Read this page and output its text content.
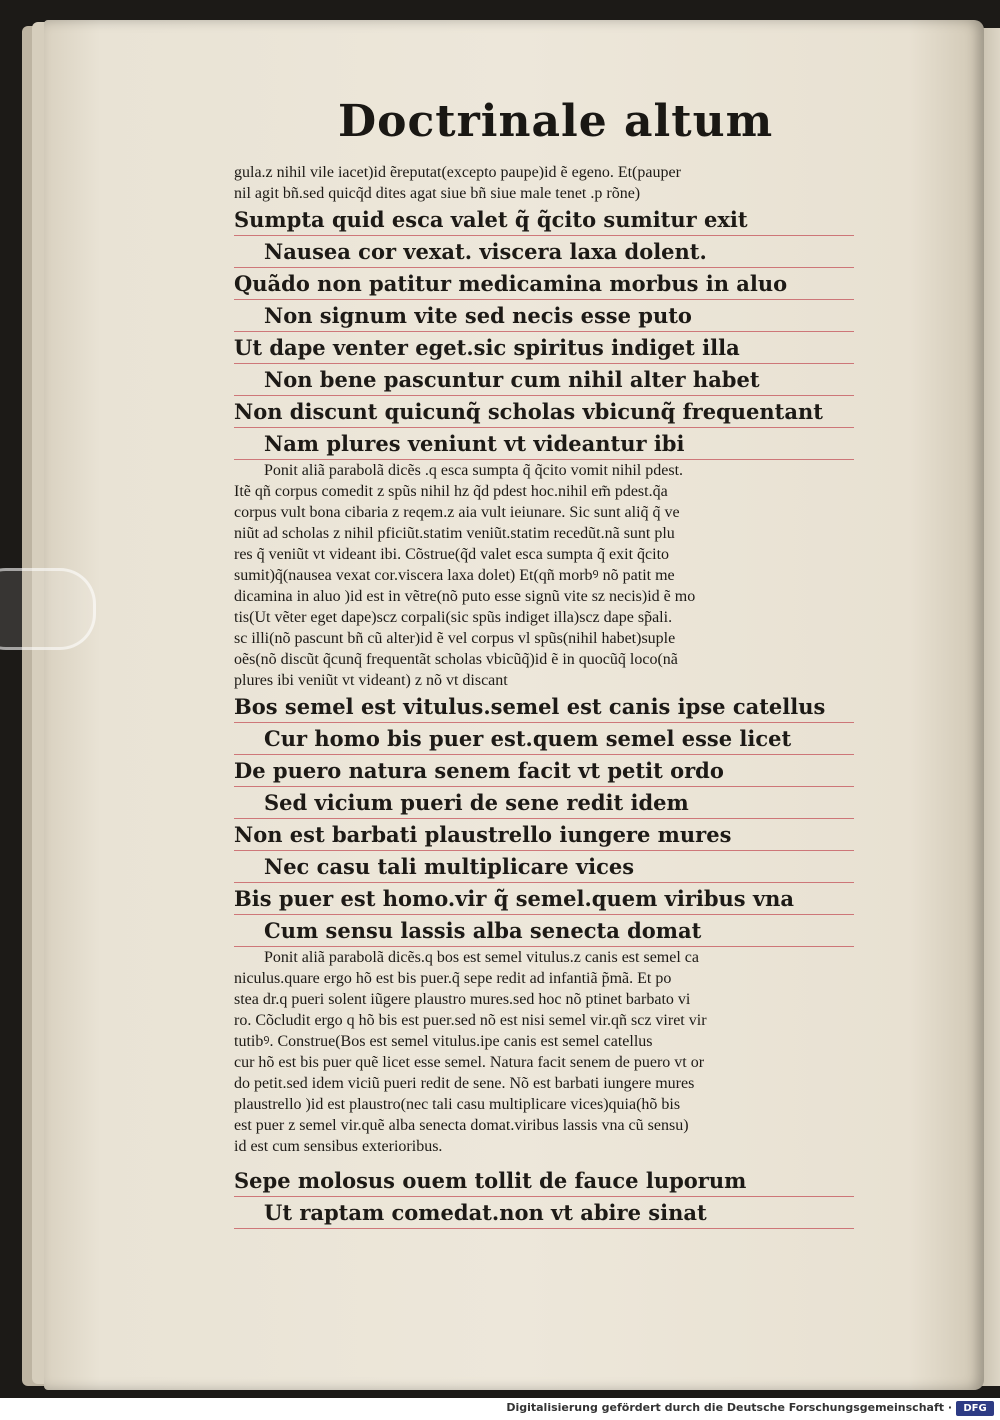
Doctrinale altum
gula.z nihil vile iacet)id ẽreputat(excepto paupe)id ẽ egeno. Et(pauper
nil agit bñ.sed quicq̃d dites agat siue bñ siue male tenet .p rõne)
Sumpta quid esca valet q̃ q̃cito sumitur exit
Nausea cor vexat. viscera laxa dolent.
Quãdo non patitur medicamina morbus in aluo
Non signum vite sed necis esse puto
Ut dape venter eget.sic spiritus indiget illa
Non bene pascuntur cum nihil alter habet
Non discunt quicunq̃ scholas vbicunq̃ frequentant
Nam plures veniunt vt videantur ibi
Ponit aliã parabolã dicẽs .q esca sumpta q̃ q̃cito vomit nihil pdest.
Itẽ qñ corpus comedit z spũs nihil hz q̃d pdest hoc.nihil em̃ pdest.q̃a
corpus vult bona cibaria z reqem.z aia vult ieiunare. Sic sunt aliq̃ q̃ ve
niũt ad scholas z nihil pficiũt.statim veniũt.statim recedũt.nã sunt plu
res q̃ veniũt vt videant ibi. Cõstrue(q̃d valet esca sumpta q̃ exit q̃cito
sumit)q̃(nausea vexat cor.viscera laxa dolet) Et(qñ morbꝰ nõ patit me
dicamina in aluo )id est in vẽtre(nõ puto esse signũ vite sz necis)id ẽ mo
tis(Ut vẽter eget dape)scz corpali(sic spũs indiget illa)scz dape sp̃ali.
sc illi(nõ pascunt bñ cũ alter)id ẽ vel corpus vl spũs(nihil habet)suple
oẽs(nõ discũt q̃cunq̃ frequentãt scholas vbicũq̃)id ẽ in quocũq̃ loco(nã
plures ibi veniũt vt videant) z nõ vt discant
Bos semel est vitulus.semel est canis ipse catellus
Cur homo bis puer est.quem semel esse licet
De puero natura senem facit vt petit ordo
Sed vicium pueri de sene redit idem
Non est barbati plaustrello iungere mures
Nec casu tali multiplicare vices
Bis puer est homo.vir q̃ semel.quem viribus vna
Cum sensu lassis alba senecta domat
Ponit aliã parabolã dicẽs.q bos est semel vitulus.z canis est semel ca
niculus.quare ergo hõ est bis puer.q̃ sepe redit ad infantiã p̃mã. Et po
stea dr.q pueri solent iũgere plaustro mures.sed hoc nõ ptinet barbato vi
ro. Cõcludit ergo q hõ bis est puer.sed nõ est nisi semel vir.qñ scz viret vir
tutibꝰ. Construe(Bos est semel vitulus.ipe canis est semel catellus
cur hõ est bis puer quẽ licet esse semel. Natura facit senem de puero vt or
do petit.sed idem viciũ pueri redit de sene. Nõ est barbati iungere mures
plaustrello )id est plaustro(nec tali casu multiplicare vices)quia(hõ bis
est puer z semel vir.quẽ alba senecta domat.viribus lassis vna cũ sensu)
id est cum sensibus exterioribus.
Sepe molosus ouem tollit de fauce luporum
Ut raptam comedat.non vt abire sinat
Digitalisierung gefördert durch die Deutsche Forschungsgemeinschaft ·	DFG
